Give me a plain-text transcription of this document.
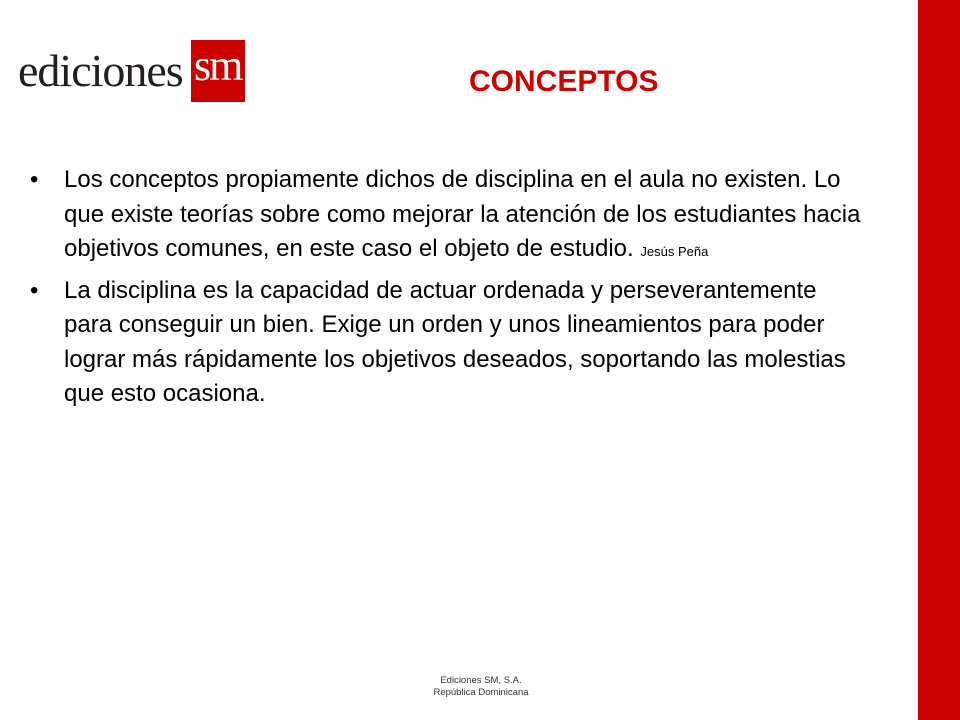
ediciones sm	CONCEPTOS
• Los conceptos propiamente dichos de disciplina en el aula no existen. Lo que existe teorías sobre como mejorar la atención de los estudiantes hacia objetivos comunes, en este caso el objeto de estudio. Jesús Peña
• La disciplina es la capacidad de actuar ordenada y perseverantemente para conseguir un bien. Exige un orden y unos lineamientos para poder lograr más rápidamente los objetivos deseados, soportando las molestias que esto ocasiona.
Ediciones SM, S.A.
República Dominicana
